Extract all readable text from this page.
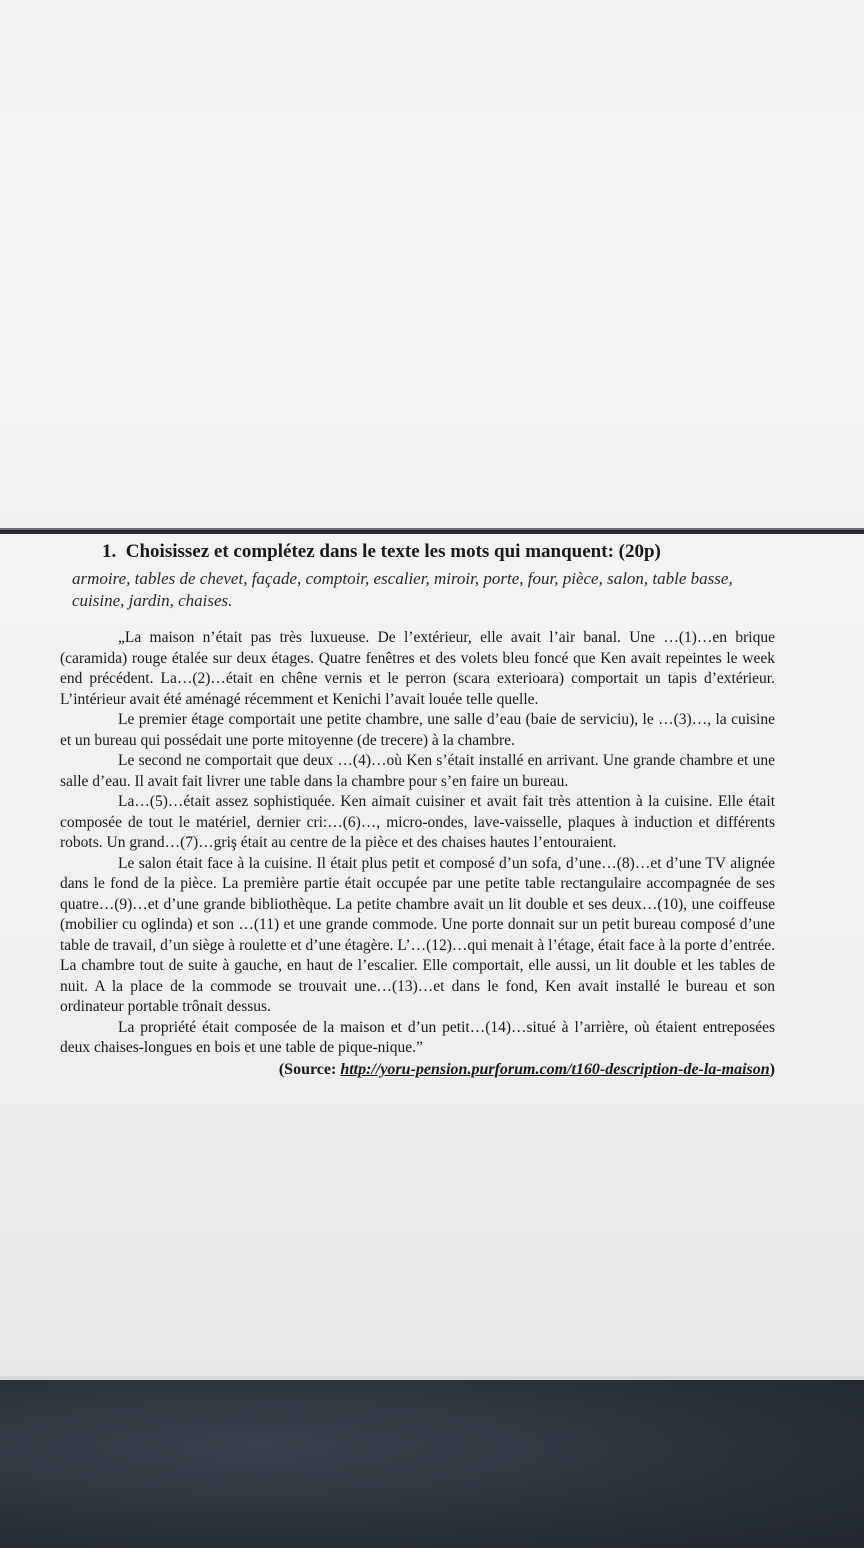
1. Choisissez et complétez dans le texte les mots qui manquent: (20p)
armoire, tables de chevet, façade, comptoir, escalier, miroir, porte, four, pièce, salon, table basse, cuisine, jardin, chaises.

„La maison n’était pas très luxueuse. De l’extérieur, elle avait l’air banal. Une …(1)…en brique (caramida) rouge étalée sur deux étages. Quatre fenêtres et des volets bleu foncé que Ken avait repeintes le week end précédent. La…(2)…était en chêne vernis et le perron (scara exterioara) comportait un tapis d’extérieur. L’intérieur avait été aménagé récemment et Kenichi l’avait louée telle quelle.

Le premier étage comportait une petite chambre, une salle d’eau (baie de serviciu), le …(3)…, la cuisine et un bureau qui possédait une porte mitoyenne (de trecere) à la chambre.

Le second ne comportait que deux …(4)…où Ken s’était installé en arrivant. Une grande chambre et une salle d’eau. Il avait fait livrer une table dans la chambre pour s’en faire un bureau.

La…(5)…était assez sophistiquée. Ken aimait cuisiner et avait fait très attention à la cuisine. Elle était composée de tout le matériel, dernier cri:…(6)…, micro-ondes, lave-vaisselle, plaques à induction et différents robots. Un grand…(7)…griş était au centre de la pièce et des chaises hautes l’entouraient.

Le salon était face à la cuisine. Il était plus petit et composé d’un sofa, d’une…(8)…et d’une TV alignée dans le fond de la pièce. La première partie était occupée par une petite table rectangulaire accompagnée de ses quatre…(9)…et d’une grande bibliothèque. La petite chambre avait un lit double et ses deux…(10), une coiffeuse (mobilier cu oglinda) et son …(11) et une grande commode. Une porte donnait sur un petit bureau composé d’une table de travail, d’un siège à roulette et d’une étagère. L’…(12)…qui menait à l’étage, était face à la porte d’entrée. La chambre tout de suite à gauche, en haut de l’escalier. Elle comportait, elle aussi, un lit double et les tables de nuit. A la place de la commode se trouvait une…(13)…et dans le fond, Ken avait installé le bureau et son ordinateur portable trônait dessus.

La propriété était composée de la maison et d’un petit…(14)…situé à l’arrière, où étaient entreposées deux chaises-longues en bois et une table de pique-nique.”

(Source: http://yoru-pension.purforum.com/t160-description-de-la-maison)
